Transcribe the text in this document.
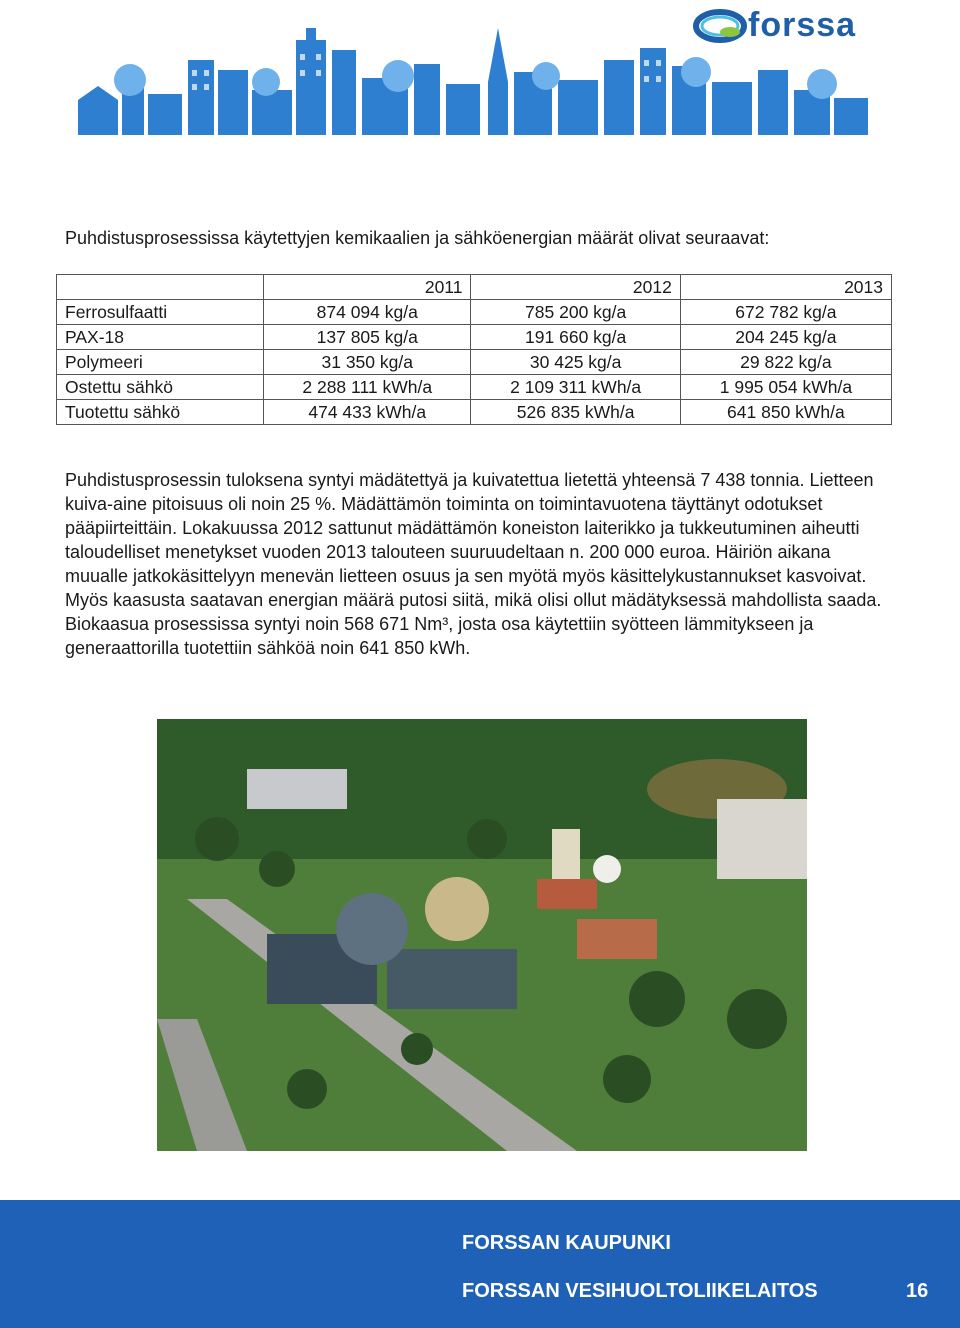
forssa
Puhdistusprosessissa käytettyjen kemikaalien ja sähköenergian määrät olivat seuraavat:
	2011	2012	2013
Ferrosulfaatti	874 094 kg/a	785 200 kg/a	672 782 kg/a
PAX-18	137 805 kg/a	191 660 kg/a	204 245 kg/a
Polymeeri	31 350 kg/a	30 425 kg/a	29 822 kg/a
Ostettu sähkö	2 288 111 kWh/a	2 109 311 kWh/a	1 995 054 kWh/a
Tuotettu sähkö	474 433 kWh/a	526 835 kWh/a	641 850 kWh/a

Puhdistusprosessin tuloksena syntyi mädätettyä ja kuivatettua lietettä yhteensä 7 438 tonnia. Lietteen kuiva-aine pitoisuus oli noin 25 %. Mädättämön toiminta on toimintavuotena täyttänyt odotukset pääpiirteittäin. Lokakuussa 2012 sattunut mädättämön koneiston laiterikko ja tukkeutuminen aiheutti taloudelliset menetykset vuoden 2013 talouteen suuruudeltaan n. 200 000 euroa. Häiriön aikana muualle jatkokäsittelyyn menevän lietteen osuus ja sen myötä myös käsittelykustannukset kasvoivat. Myös kaasusta saatavan energian määrä putosi siitä, mikä olisi ollut mädätyksessä mahdollista saada. Biokaasua prosessissa syntyi noin 568 671 Nm³, josta osa käytettiin syötteen lämmitykseen ja generaattorilla tuotettiin sähköä noin 641 850 kWh.

FORSSAN KAUPUNKI
FORSSAN VESIHUOLTOLIIKELAITOS	16
